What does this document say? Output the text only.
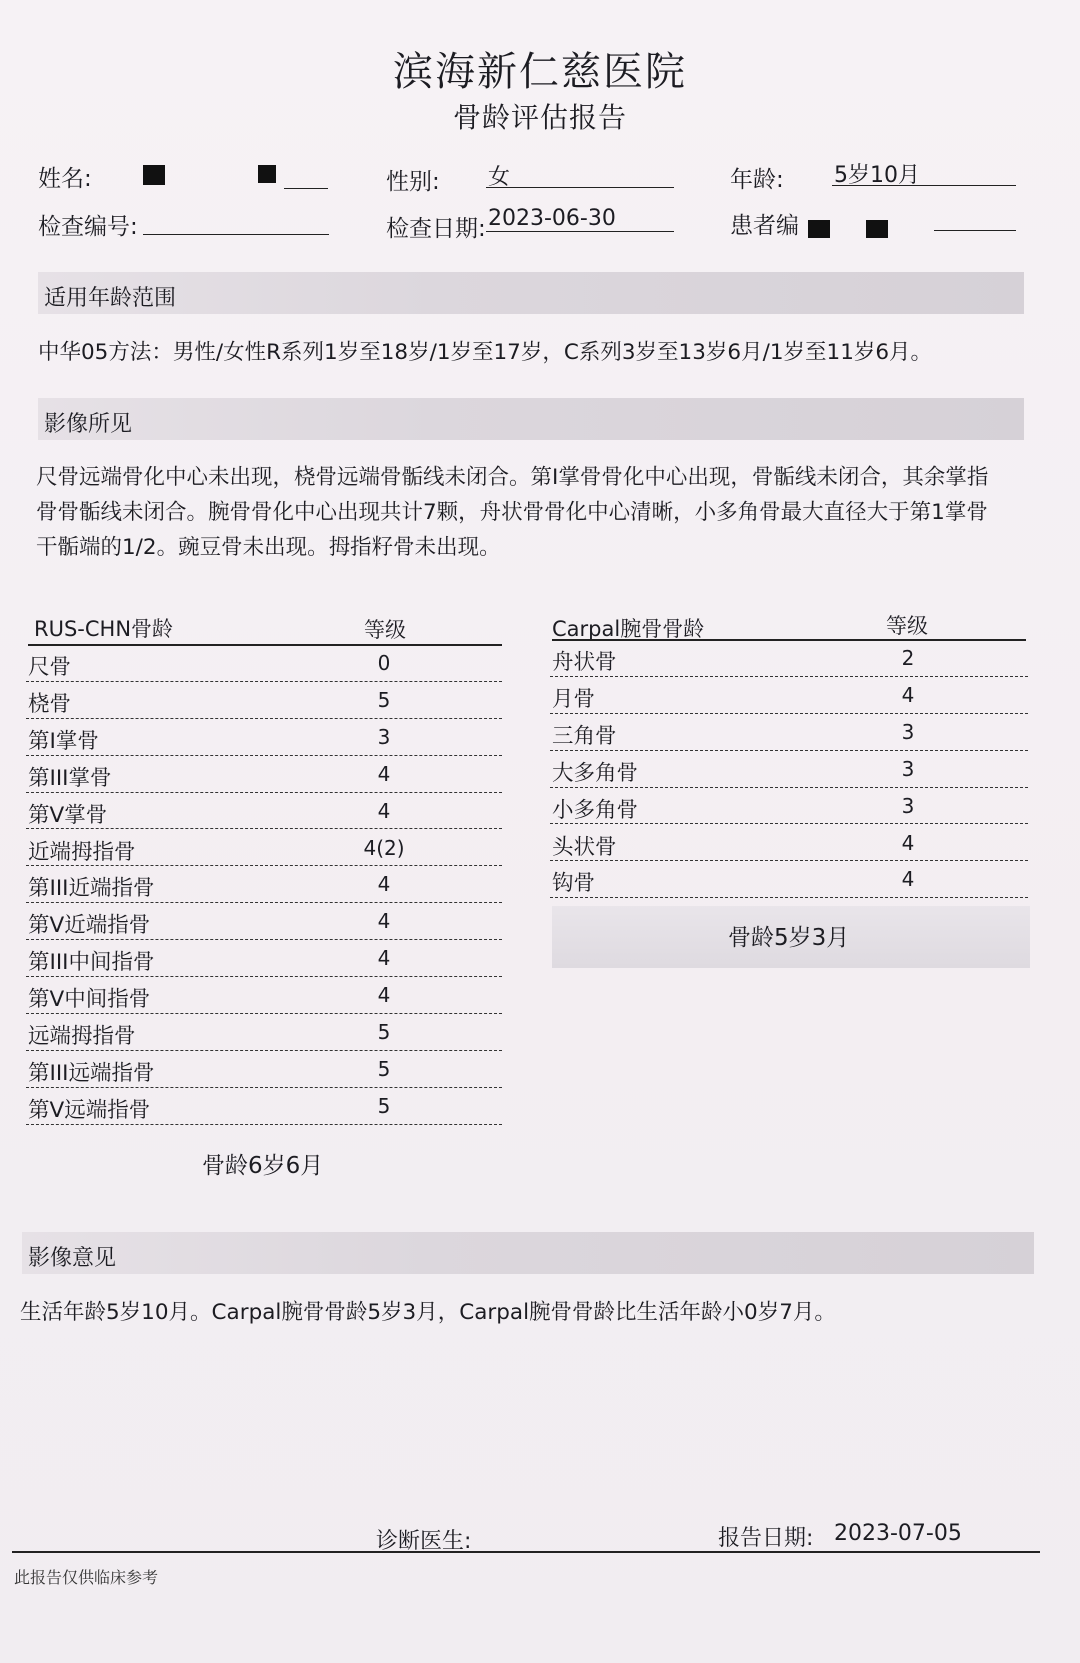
滨海新仁慈医院
骨龄评估报告
姓名:	性别: 女	年龄: 5岁10月
检查编号:	检查日期: 2023-06-30	患者编
适用年龄范围
中华05方法：男性/女性R系列1岁至18岁/1岁至17岁，C系列3岁至13岁6月/1岁至11岁6月。
影像所见
尺骨远端骨化中心未出现，桡骨远端骨骺线未闭合。第I掌骨骨化中心出现，骨骺线未闭合，其余掌指
骨骨骺线未闭合。腕骨骨化中心出现共计7颗，舟状骨骨化中心清晰，小多角骨最大直径大于第1掌骨
干骺端的1/2。豌豆骨未出现。拇指籽骨未出现。
RUS-CHN骨龄	等级
尺骨	0
桡骨	5
第I掌骨	3
第III掌骨	4
第V掌骨	4
近端拇指骨	4(2)
第III近端指骨	4
第V近端指骨	4
第III中间指骨	4
第V中间指骨	4
远端拇指骨	5
第III远端指骨	5
第V远端指骨	5
骨龄6岁6月
Carpal腕骨骨龄	等级
舟状骨	2
月骨	4
三角骨	3
大多角骨	3
小多角骨	3
头状骨	4
钩骨	4
骨龄5岁3月
影像意见
生活年龄5岁10月。Carpal腕骨骨龄5岁3月，Carpal腕骨骨龄比生活年龄小0岁7月。
诊断医生:	报告日期: 2023-07-05
此报告仅供临床参考
